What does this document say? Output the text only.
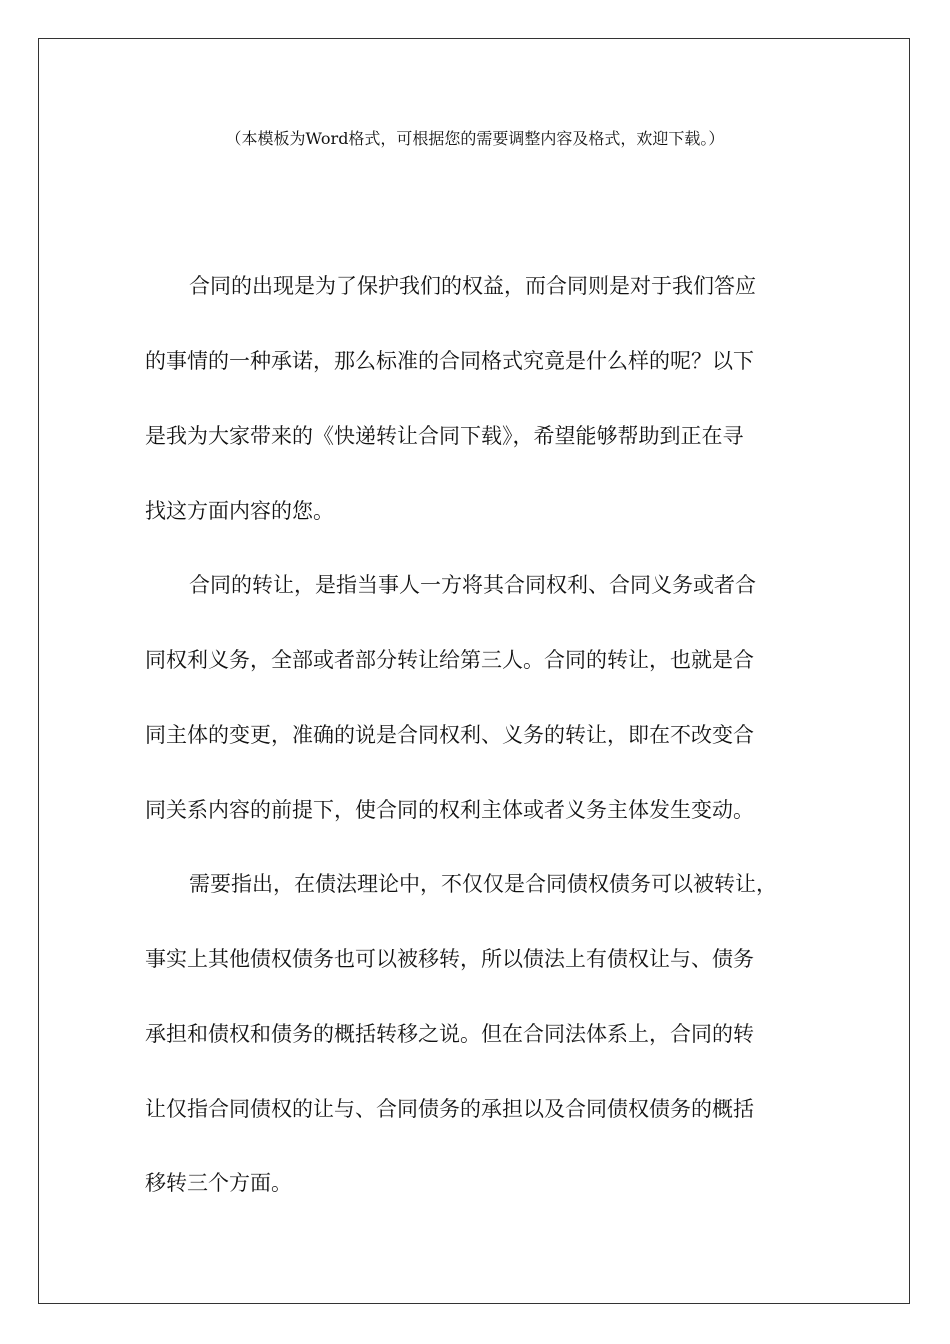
（本模板为Word格式，可根据您的需要调整内容及格式，欢迎下载。）
合同的出现是为了保护我们的权益，而合同则是对于我们答应
的事情的一种承诺，那么标准的合同格式究竟是什么样的呢？以下
是我为大家带来的《快递转让合同下载》，希望能够帮助到正在寻
找这方面内容的您。
合同的转让，是指当事人一方将其合同权利、合同义务或者合
同权利义务，全部或者部分转让给第三人。合同的转让，也就是合
同主体的变更，准确的说是合同权利、义务的转让，即在不改变合
同关系内容的前提下，使合同的权利主体或者义务主体发生变动。
需要指出，在债法理论中，不仅仅是合同债权债务可以被转让，
事实上其他债权债务也可以被移转，所以债法上有债权让与、债务
承担和债权和债务的概括转移之说。但在合同法体系上，合同的转
让仅指合同债权的让与、合同债务的承担以及合同债权债务的概括
移转三个方面。
